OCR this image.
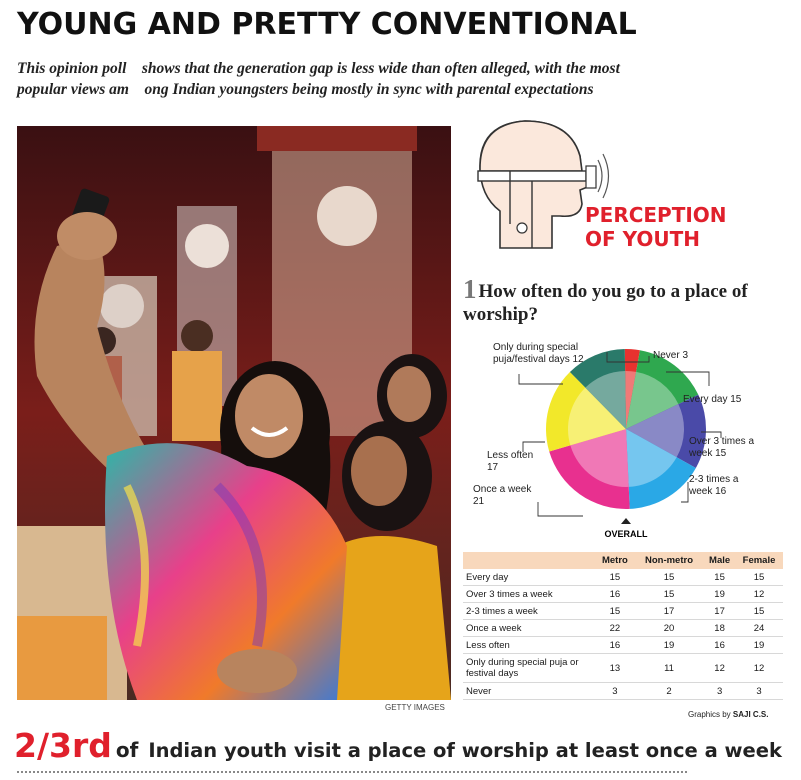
YOUNG AND PRETTY CONVENTIONAL
This opinion poll    shows that the generation gap is less wide than often alleged, with the most
popular views am    ong Indian youngsters being mostly in sync with parental expectations
GETTY IMAGES
PERCEPTION
OF YOUTH
1 How often do you go to a place of worship?
Never 3
Every day 15
Over 3 times a
week 15
2-3 times a
week 16
Once a week
21
Less often
17
Only during special
puja/festival days 12
OVERALL
	Metro	Non-metro	Male	Female
Every day	15	15	15	15
Over 3 times a week	16	15	19	12
2-3 times a week	15	17	17	15
Once a week	22	20	18	24
Less often	16	19	16	19
Only during special puja or festival days	13	11	12	12
Never	3	2	3	3
Graphics by SAJI C.S.
2/3rd of Indian youth visit a place of worship at least once a week
